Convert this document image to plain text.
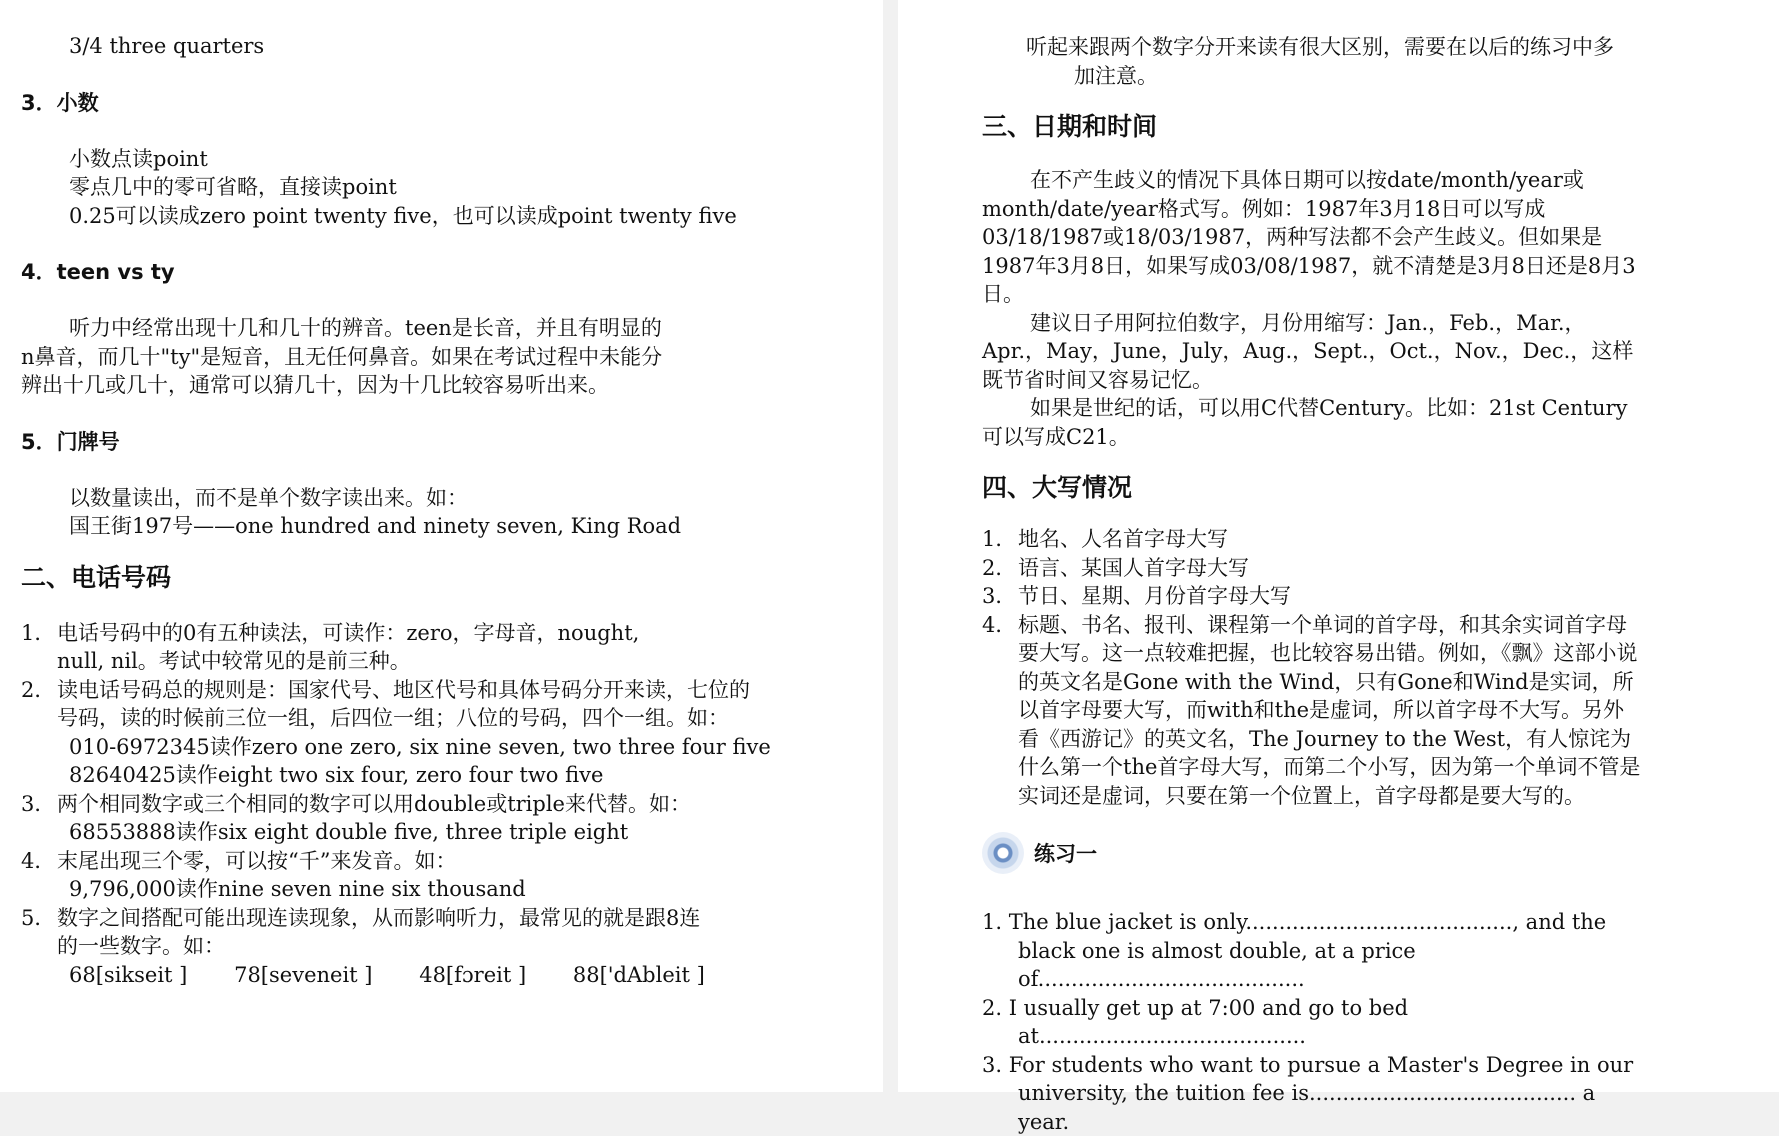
3/4 three quarters
3．小数
小数点读point
零点几中的零可省略，直接读point
0.25可以读成zero point twenty five，也可以读成point twenty five
4．teen vs ty
听力中经常出现十几和几十的辨音。teen是长音，并且有明显的n鼻音，而几十"ty"是短音，且无任何鼻音。如果在考试过程中未能分辨出十几或几十，通常可以猜几十，因为十几比较容易听出来。
5．门牌号
以数量读出，而不是单个数字读出来。如：
国王街197号——one hundred and ninety seven, King Road
二、电话号码
1． 电话号码中的0有五种读法，可读作：zero，字母音，nought, null, nil。考试中较常见的是前三种。
2． 读电话号码总的规则是：国家代号、地区代号和具体号码分开来读，七位的号码，读的时候前三位一组，后四位一组；八位的号码，四个一组。如：
010-6972345读作zero one zero, six nine seven, two three four five
82640425读作eight two six four, zero four two five
3． 两个相同数字或三个相同的数字可以用double或triple来代替。如：
68553888读作six eight double five, three triple eight
4． 末尾出现三个零，可以按“千”来发音。如：
9,796,000读作nine seven nine six thousand
5． 数字之间搭配可能出现连读现象，从而影响听力，最常见的就是跟8连的一些数字。如：
68[sikseit ]       78[seveneit ]       48[fɔreit ]       88['dAbleit ]
听起来跟两个数字分开来读有很大区别，需要在以后的练习中多
加注意。
三、日期和时间
在不产生歧义的情况下具体日期可以按date/month/year或month/date/year格式写。例如：1987年3月18日可以写成03/18/1987或18/03/1987，两种写法都不会产生歧义。但如果是1987年3月8日，如果写成03/08/1987，就不清楚是3月8日还是8月3日。
建议日子用阿拉伯数字，月份用缩写：Jan.，Feb.，Mar.，Apr.，May，June，July，Aug.，Sept.，Oct.，Nov.，Dec.，这样既节省时间又容易记忆。
如果是世纪的话，可以用C代替Century。比如：21st Century可以写成C21。
四、大写情况
1． 地名、人名首字母大写
2． 语言、某国人首字母大写
3． 节日、星期、月份首字母大写
4． 标题、书名、报刊、课程第一个单词的首字母，和其余实词首字母要大写。这一点较难把握，也比较容易出错。例如，《飘》这部小说的英文名是Gone with the Wind，只有Gone和Wind是实词，所以首字母要大写，而with和the是虚词，所以首字母不大写。另外看《西游记》的英文名，The Journey to the West，有人惊诧为什么第一个the首字母大写，而第二个小写，因为第一个单词不管是实词还是虚词，只要在第一个位置上，首字母都是要大写的。
练习一
1. The blue jacket is only........................................, and the black one is almost double, at a price of........................................
2. I usually get up at 7:00 and go to bed at........................................
3. For students who want to pursue a Master's Degree in our university, the tuition fee is........................................ a year.
